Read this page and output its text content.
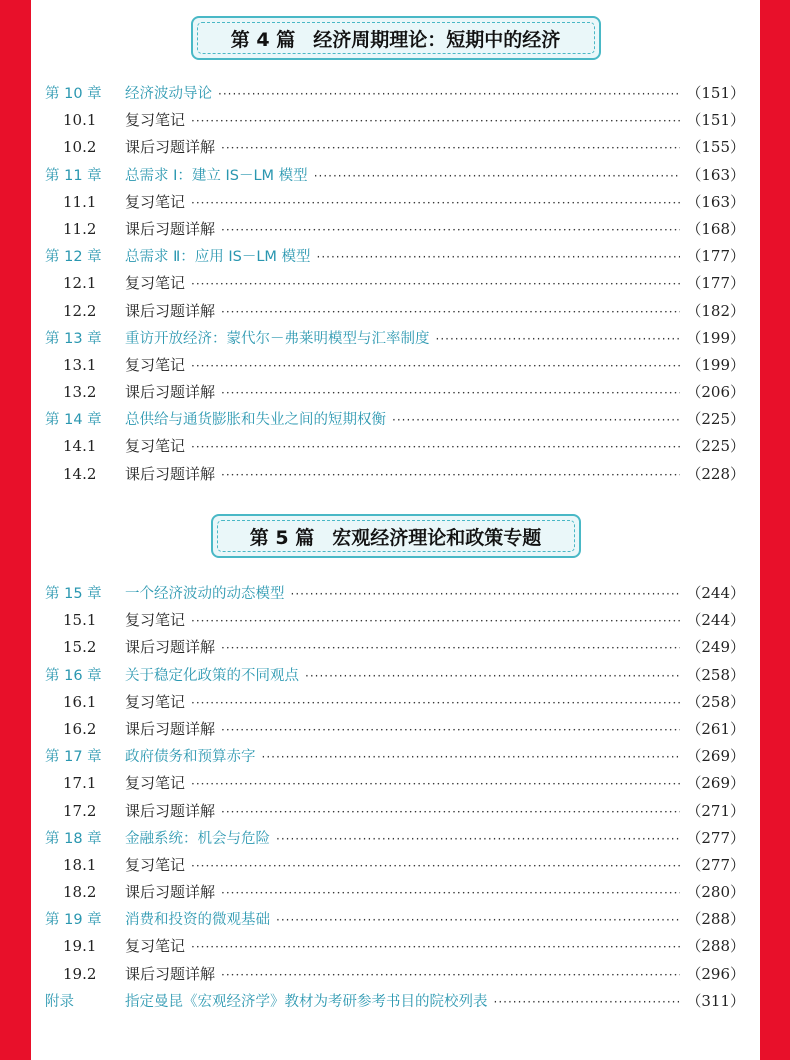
第 4 篇 经济周期理论：短期中的经济
第 10 章	经济波动导论 ·····	（151）
10.1	复习笔记 ·····	（151）
10.2	课后习题详解 ·····	（155）
第 11 章	总需求 I：建立 IS－LM 模型 ·····	（163）
11.1	复习笔记 ·····	（163）
11.2	课后习题详解 ·····	（168）
第 12 章	总需求 Ⅱ：应用 IS－LM 模型 ·····	（177）
12.1	复习笔记 ·····	（177）
12.2	课后习题详解 ·····	（182）
第 13 章	重访开放经济：蒙代尔－弗莱明模型与汇率制度 ·····	（199）
13.1	复习笔记 ·····	（199）
13.2	课后习题详解 ·····	（206）
第 14 章	总供给与通货膨胀和失业之间的短期权衡 ·····	（225）
14.1	复习笔记 ·····	（225）
14.2	课后习题详解 ·····	（228）
第 5 篇 宏观经济理论和政策专题
第 15 章	一个经济波动的动态模型 ·····	（244）
15.1	复习笔记 ·····	（244）
15.2	课后习题详解 ·····	（249）
第 16 章	关于稳定化政策的不同观点 ·····	（258）
16.1	复习笔记 ·····	（258）
16.2	课后习题详解 ·····	（261）
第 17 章	政府债务和预算赤字 ·····	（269）
17.1	复习笔记 ·····	（269）
17.2	课后习题详解 ·····	（271）
第 18 章	金融系统：机会与危险 ·····	（277）
18.1	复习笔记 ·····	（277）
18.2	课后习题详解 ·····	（280）
第 19 章	消费和投资的微观基础 ·····	（288）
19.1	复习笔记 ·····	（288）
19.2	课后习题详解 ·····	（296）
附录	指定曼昆《宏观经济学》教材为考研参考书目的院校列表 ·····	（311）
